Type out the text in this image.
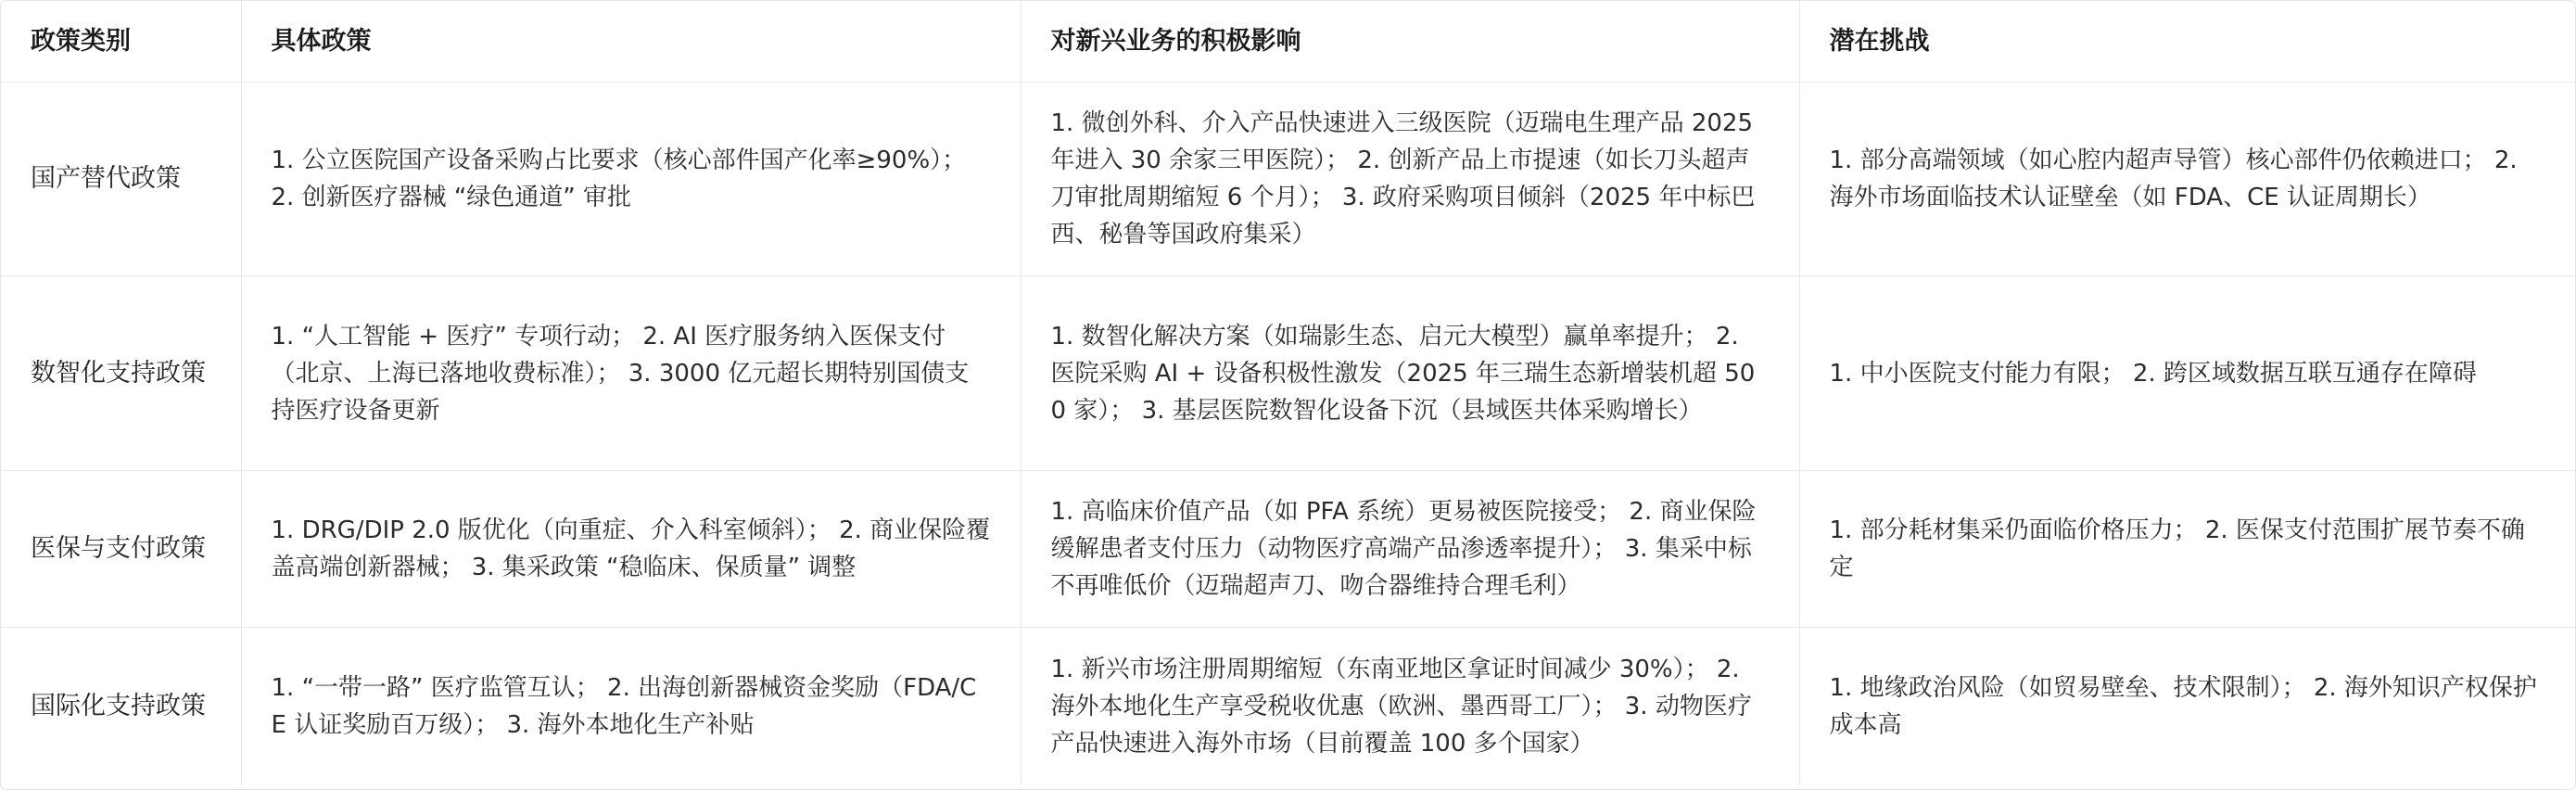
政策类别	具体政策	对新兴业务的积极影响	潜在挑战
国产替代政策	1. 公立医院国产设备采购占比要求（核心部件国产化率≥90%）； 2. 创新医疗器械 “绿色通道” 审批	1. 微创外科、介入产品快速进入三级医院（迈瑞电生理产品 2025 年进入 30 余家三甲医院）； 2. 创新产品上市提速（如长刀头超声刀审批周期缩短 6 个月）； 3. 政府采购项目倾斜（2025 年中标巴西、秘鲁等国政府集采）	1. 部分高端领域（如心腔内超声导管）核心部件仍依赖进口； 2. 海外市场面临技术认证壁垒（如 FDA、CE 认证周期长）
数智化支持政策	1. “人工智能 + 医疗” 专项行动； 2. AI 医疗服务纳入医保支付（北京、上海已落地收费标准）； 3. 3000 亿元超长期特别国债支持医疗设备更新	1. 数智化解决方案（如瑞影生态、启元大模型）赢单率提升； 2. 医院采购 AI + 设备积极性激发（2025 年三瑞生态新增装机超 500 家）； 3. 基层医院数智化设备下沉（县域医共体采购增长）	1. 中小医院支付能力有限； 2. 跨区域数据互联互通存在障碍
医保与支付政策	1. DRG/DIP 2.0 版优化（向重症、介入科室倾斜）； 2. 商业保险覆盖高端创新器械； 3. 集采政策 “稳临床、保质量” 调整	1. 高临床价值产品（如 PFA 系统）更易被医院接受； 2. 商业保险缓解患者支付压力（动物医疗高端产品渗透率提升）； 3. 集采中标不再唯低价（迈瑞超声刀、吻合器维持合理毛利）	1. 部分耗材集采仍面临价格压力； 2. 医保支付范围扩展节奏不确定
国际化支持政策	1. “一带一路” 医疗监管互认； 2. 出海创新器械资金奖励（FDA/CE 认证奖励百万级）； 3. 海外本地化生产补贴	1. 新兴市场注册周期缩短（东南亚地区拿证时间减少 30%）； 2. 海外本地化生产享受税收优惠（欧洲、墨西哥工厂）； 3. 动物医疗产品快速进入海外市场（目前覆盖 100 多个国家）	1. 地缘政治风险（如贸易壁垒、技术限制）； 2. 海外知识产权保护成本高
